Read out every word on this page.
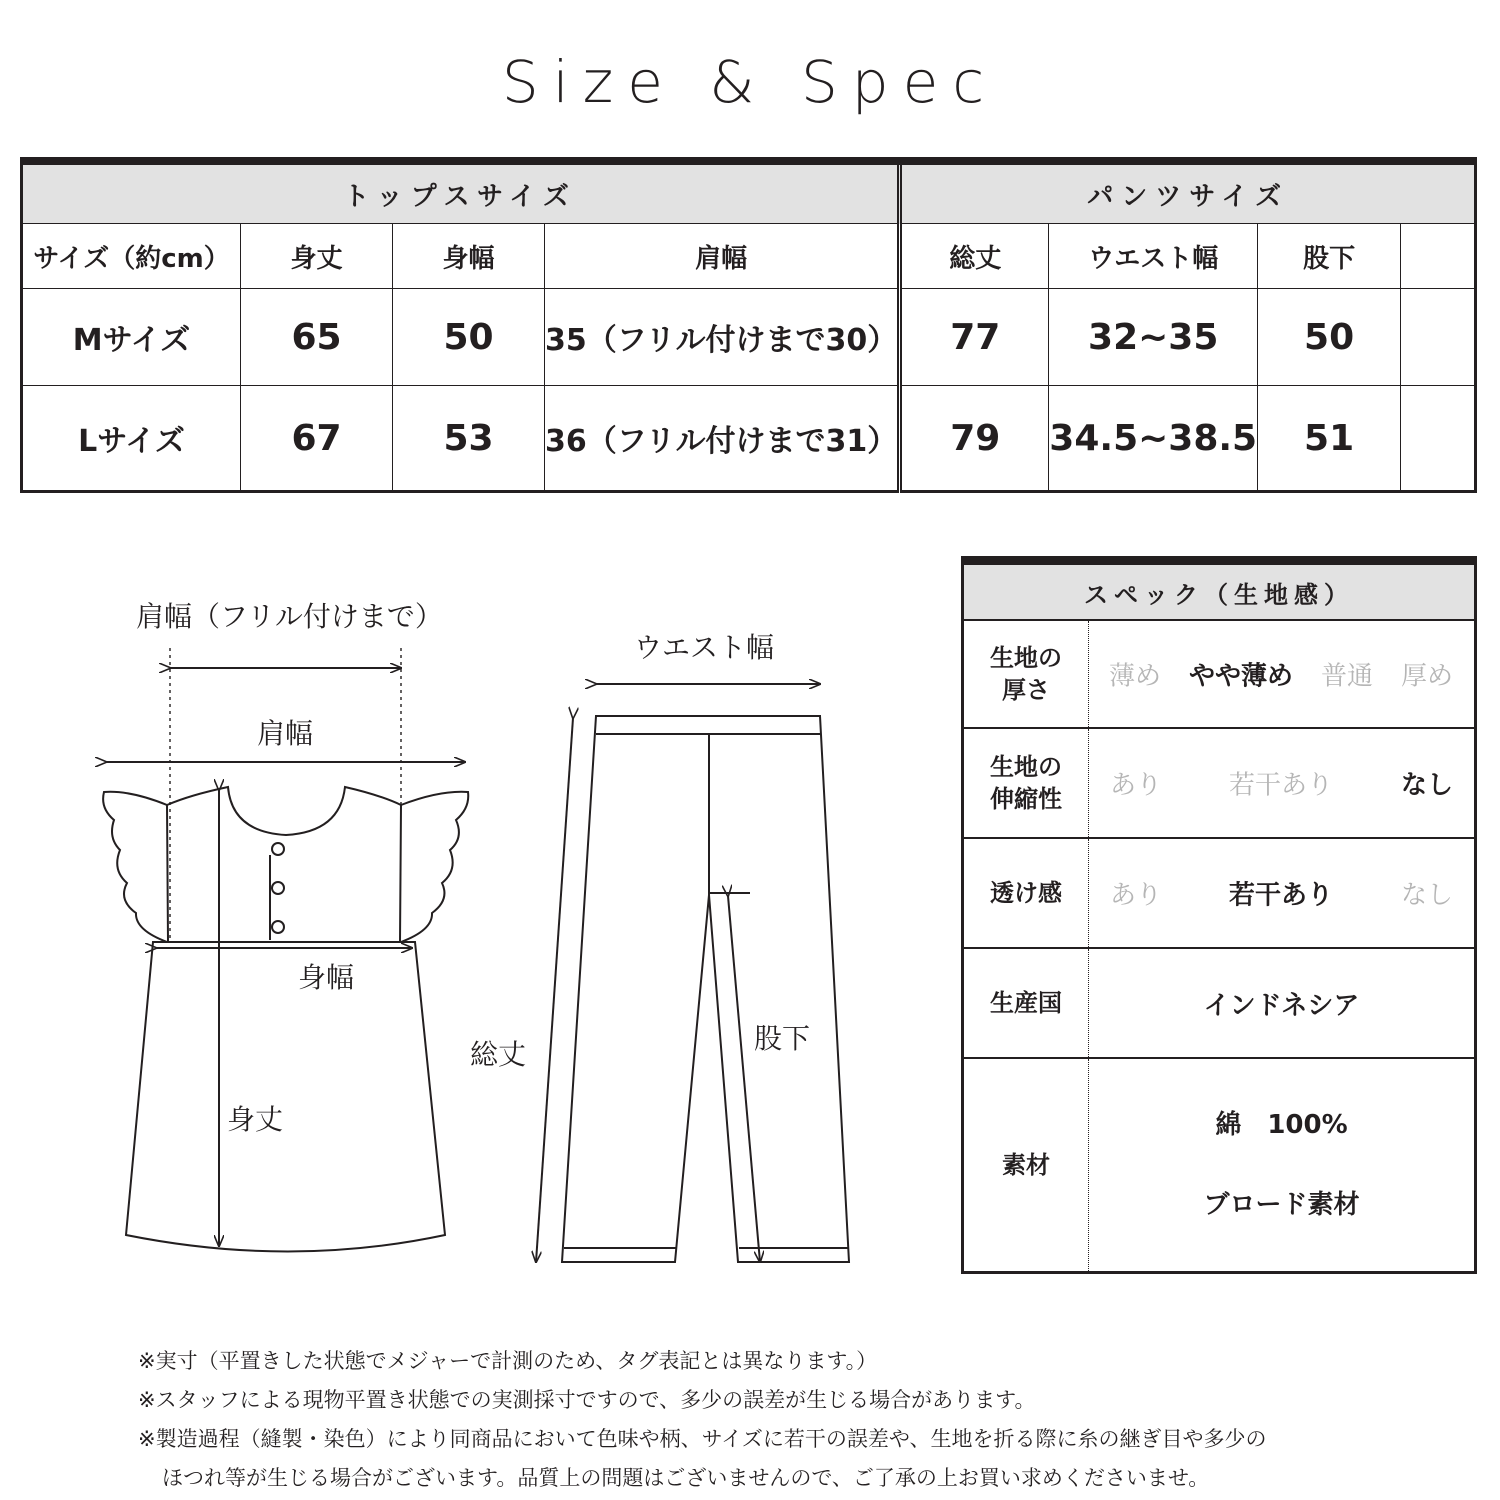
Size & Spec
トップスサイズ				パンツサイズ			
サイズ（約cm）	身丈	身幅	肩幅	総丈	ウエスト幅	股下	
Mサイズ	65	50	35（フリル付けまで30）	77	32~35	50	
Lサイズ	67	53	36（フリル付けまで31）	79	34.5~38.5	51	
肩幅（フリル付けまで）
肩幅
身幅
身丈
ウエスト幅
総丈	股下
スペック（生地感）	
生地の
厚さ	薄め やや薄め 普通 厚め

生地の
伸縮性	あり 若干あり なし

透け感	あり 若干あり なし

生産国	インドネシア
素材	綿　100%
ブロード素材
※実寸（平置きした状態でメジャーで計測のため、タグ表記とは異なります。）
※スタッフによる現物平置き状態での実測採寸ですので、多少の誤差が生じる場合があります。
※製造過程（縫製・染色）により同商品において色味や柄、サイズに若干の誤差や、生地を折る際に糸の継ぎ目や多少の
ほつれ等が生じる場合がございます。品質上の問題はございませんので、ご了承の上お買い求めくださいませ。
